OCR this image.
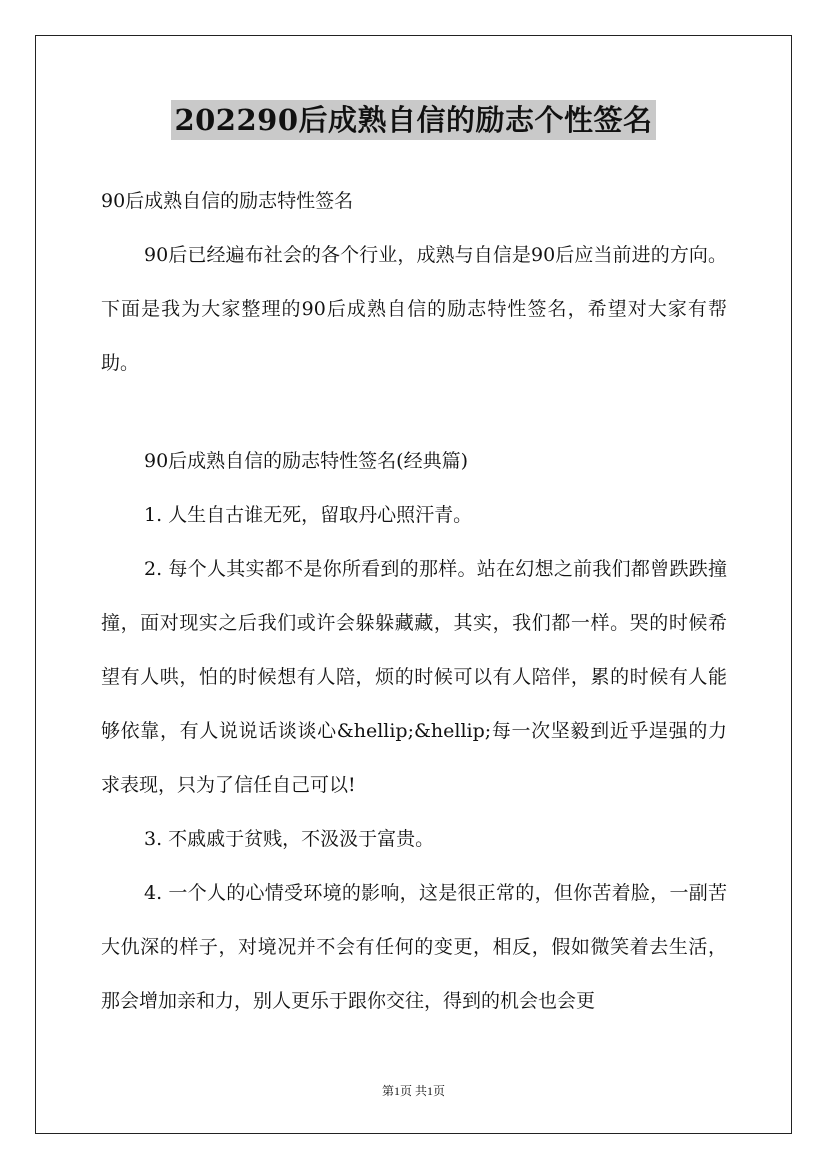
202290后成熟自信的励志个性签名

90后成熟自信的励志特性签名

90后已经遍布社会的各个行业，成熟与自信是90后应当前进的方向。下面是我为大家整理的90后成熟自信的励志特性签名，希望对大家有帮助。

90后成熟自信的励志特性签名(经典篇)

1. 人生自古谁无死，留取丹心照汗青。

2. 每个人其实都不是你所看到的那样。站在幻想之前我们都曾跌跌撞撞，面对现实之后我们或许会躲躲藏藏，其实，我们都一样。哭的时候希望有人哄，怕的时候想有人陪，烦的时候可以有人陪伴，累的时候有人能够依靠，有人说说话谈谈心&hellip;&hellip;每一次坚毅到近乎逞强的力求表现，只为了信任自己可以!

3. 不戚戚于贫贱，不汲汲于富贵。

4. 一个人的心情受环境的影响，这是很正常的，但你苦着脸，一副苦大仇深的样子，对境况并不会有任何的变更，相反，假如微笑着去生活，那会增加亲和力，别人更乐于跟你交往，得到的机会也会更

第1页 共1页
